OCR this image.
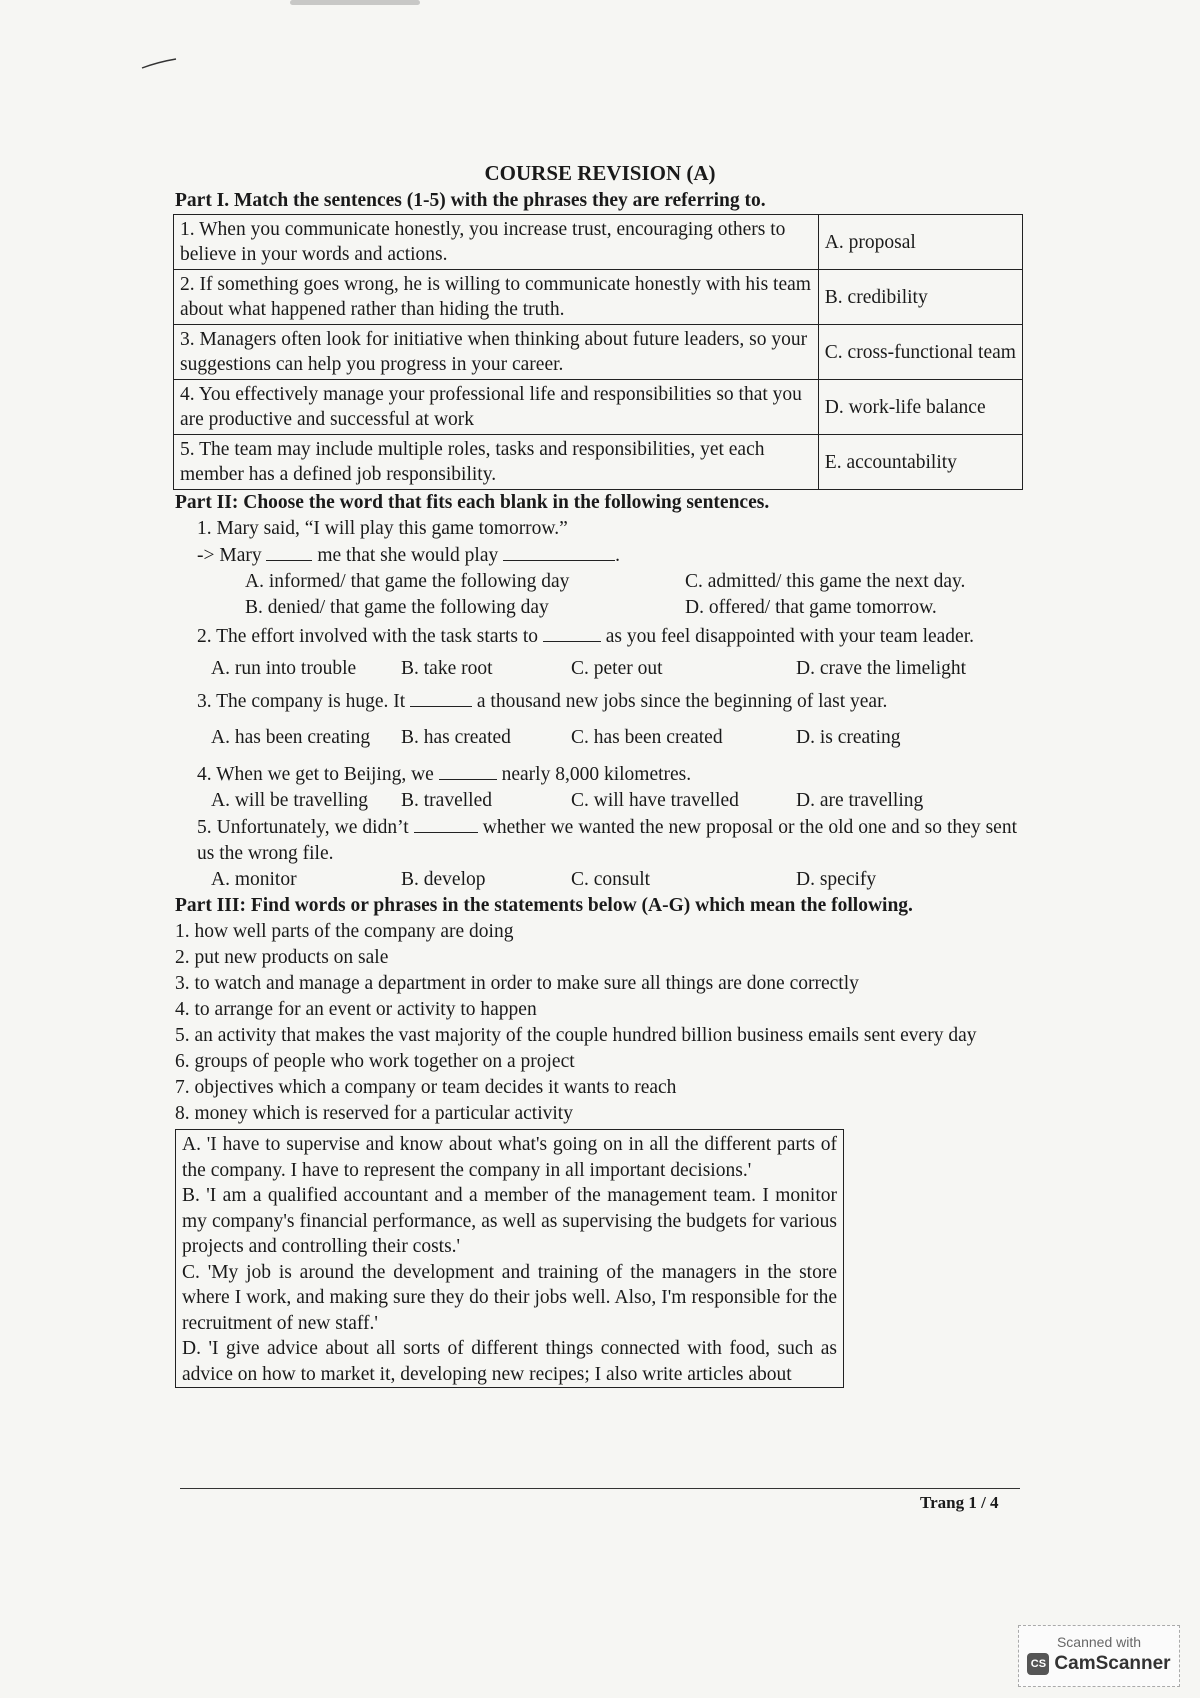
COURSE REVISION (A)
Part I. Match the sentences (1-5) with the phrases they are referring to.
1. When you communicate honestly, you increase trust, encouraging others to believe in your words and actions.	A. proposal
2. If something goes wrong, he is willing to communicate honestly with his team about what happened rather than hiding the truth.	B. credibility
3. Managers often look for initiative when thinking about future leaders, so your suggestions can help you progress in your career.	C. cross-functional team
4. You effectively manage your professional life and responsibilities so that you are productive and successful at work	D. work-life balance
5. The team may include multiple roles, tasks and responsibilities, yet each member has a defined job responsibility.	E. accountability
Part II: Choose the word that fits each blank in the following sentences.
1. Mary said, “I will play this game tomorrow.”
-> Mary	me that she would play	.
A. informed/ that game the following day	C. admitted/ this game the next day.
B. denied/ that game the following day	D. offered/ that game tomorrow.
2. The effort involved with the task starts to	as you feel disappointed with your team leader.
A. run into trouble	B. take root	C. peter out	D. crave the limelight
3. The company is huge. It	a thousand new jobs since the beginning of last year.
A. has been creating	B. has created	C. has been created	D. is creating
4. When we get to Beijing, we	nearly 8,000 kilometres.
A. will be travelling	B. travelled	C. will have travelled	D. are travelling
5. Unfortunately, we didn’t	whether we wanted the new proposal or the old one and so they sent us the wrong file.
A. monitor	B. develop	C. consult	D. specify
Part III: Find words or phrases in the statements below (A-G) which mean the following.
1. how well parts of the company are doing
2. put new products on sale
3. to watch and manage a department in order to make sure all things are done correctly
4. to arrange for an event or activity to happen
5. an activity that makes the vast majority of the couple hundred billion business emails sent every day
6. groups of people who work together on a project
7. objectives which a company or team decides it wants to reach
8. money which is reserved for a particular activity
A. 'I have to supervise and know about what's going on in all the different parts of the company. I have to represent the company in all important decisions.'
B. 'I am a qualified accountant and a member of the management team. I monitor my company's financial performance, as well as supervising the budgets for various projects and controlling their costs.'
C. 'My job is around the development and training of the managers in the store where I work, and making sure they do their jobs well. Also, I'm responsible for the recruitment of new staff.'
D. 'I give advice about all sorts of different things connected with food, such as advice on how to market it, developing new recipes; I also write articles about
Trang 1 / 4
Scanned with
CS CamScanner
